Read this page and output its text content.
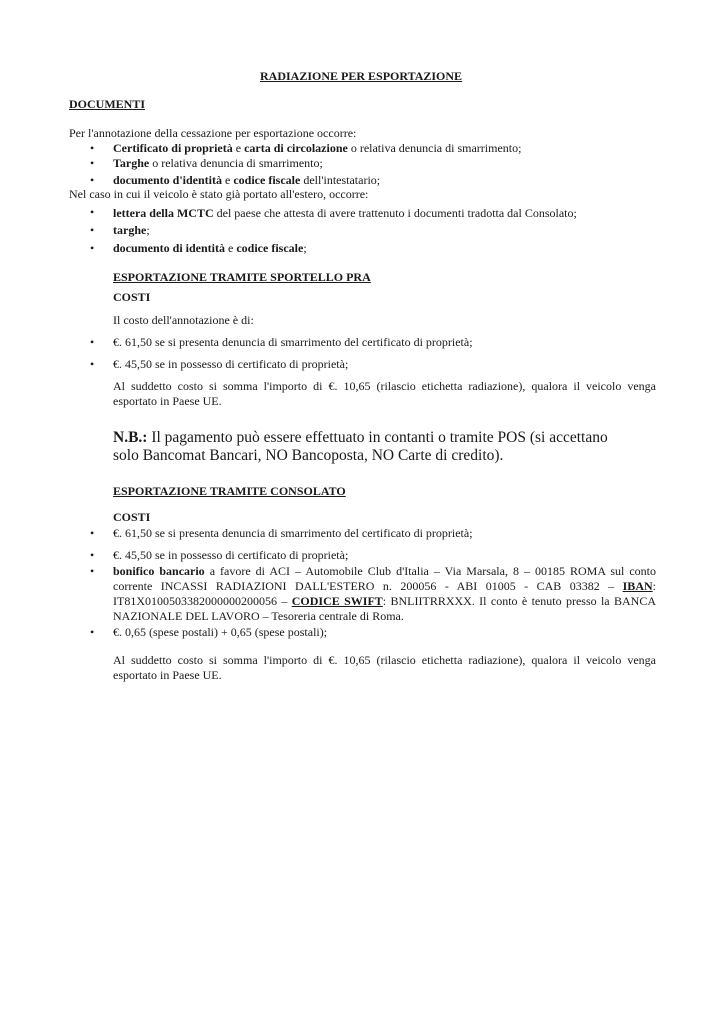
RADIAZIONE PER ESPORTAZIONE
DOCUMENTI
Per l'annotazione della cessazione per esportazione occorre:
• Certificato di proprietà e carta di circolazione o relativa denuncia di smarrimento;
• Targhe o relativa denuncia di smarrimento;
• documento d'identità e codice fiscale dell'intestatario;
Nel caso in cui il veicolo è stato già portato all'estero, occorre:
• lettera della MCTC del paese che attesta di avere trattenuto i documenti tradotta dal Consolato;
• targhe;
• documento di identità e codice fiscale;
ESPORTAZIONE TRAMITE SPORTELLO PRA
COSTI
Il costo dell'annotazione è di:
• €. 61,50 se si presenta denuncia di smarrimento del certificato di proprietà;
• €. 45,50 se in possesso di certificato di proprietà;
Al suddetto costo si somma l'importo di €. 10,65 (rilascio etichetta radiazione), qualora il veicolo venga esportato in Paese UE.
N.B.: Il pagamento può essere effettuato in contanti o tramite POS (si accettano
solo Bancomat Bancari, NO Bancoposta, NO Carte di credito).
ESPORTAZIONE TRAMITE CONSOLATO
COSTI
• €. 61,50 se si presenta denuncia di smarrimento del certificato di proprietà;
• €. 45,50 se in possesso di certificato di proprietà;
• bonifico bancario a favore di ACI – Automobile Club d'Italia – Via Marsala, 8 – 00185 ROMA sul conto corrente INCASSI RADIAZIONI DALL'ESTERO n. 200056 - ABI 01005 - CAB 03382 – IBAN: IT81X0100503382000000200056 – CODICE SWIFT: BNLIITRRXXX. Il conto è tenuto presso la BANCA NAZIONALE DEL LAVORO – Tesoreria centrale di Roma.
• €. 0,65 (spese postali) + 0,65 (spese postali);
Al suddetto costo si somma l'importo di €. 10,65 (rilascio etichetta radiazione), qualora il veicolo venga esportato in Paese UE.
